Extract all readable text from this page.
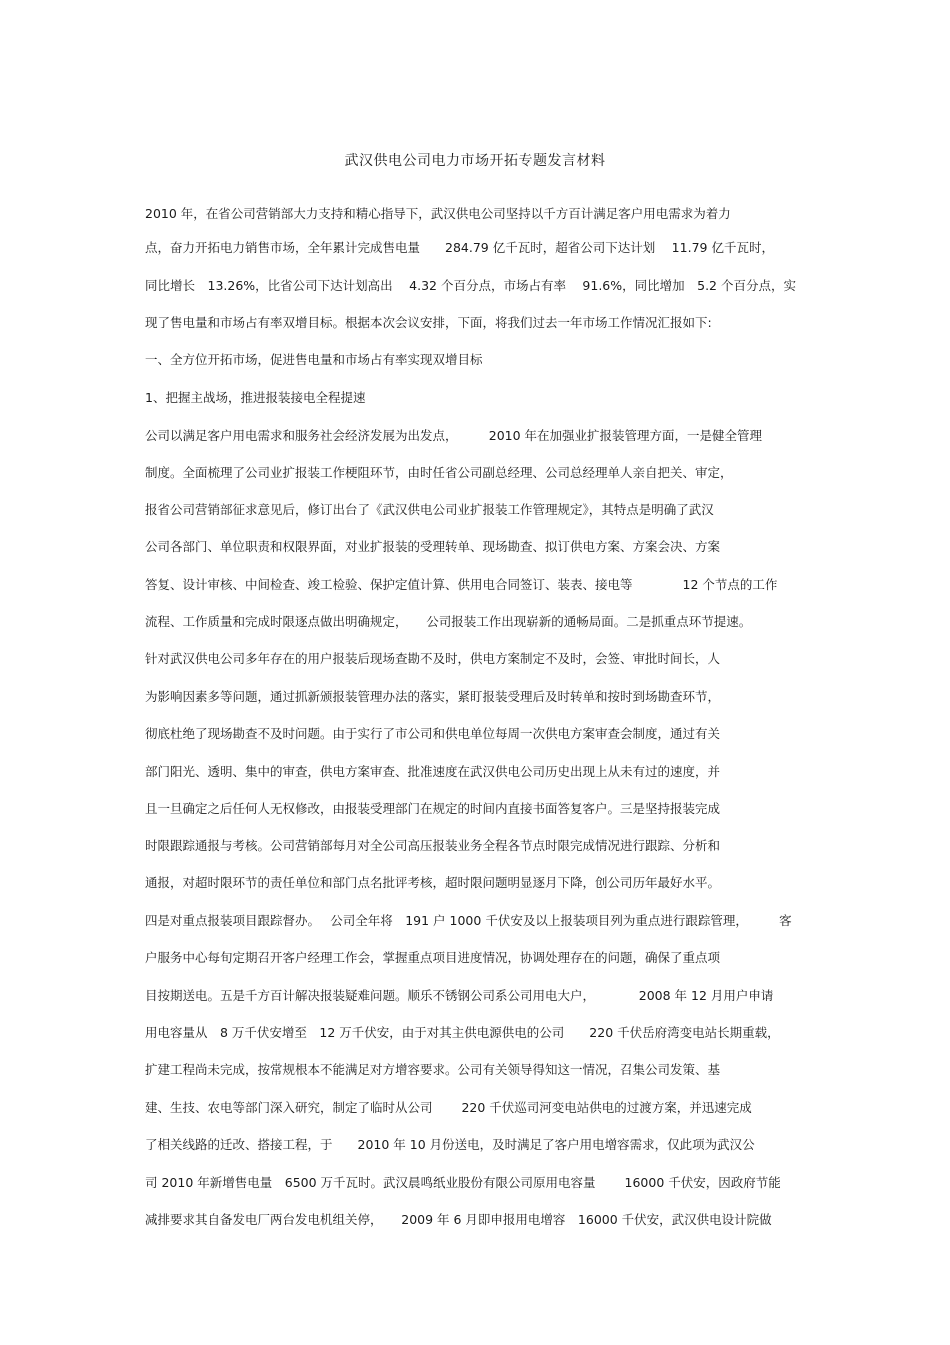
武汉供电公司电力市场开拓专题发言材料
2010 年，在省公司营销部大力支持和精心指导下，武汉供电公司坚持以千方百计满足客户用电需求为着力
点，奋力开拓电力销售市场，全年累计完成售电量　　284.79 亿千瓦时，超省公司下达计划　 11.79 亿千瓦时，
同比增长　13.26%，比省公司下达计划高出　 4.32 个百分点，市场占有率　 91.6%，同比增加　5.2 个百分点，实
现了售电量和市场占有率双增目标。根据本次会议安排，下面，将我们过去一年市场工作情况汇报如下:
一、全方位开拓市场，促进售电量和市场占有率实现双增目标
1、把握主战场，推进报装接电全程提速
公司以满足客户用电需求和服务社会经济发展为出发点，　　　2010 年在加强业扩报装管理方面，一是健全管理
制度。全面梳理了公司业扩报装工作梗阻环节，由时任省公司副总经理、公司总经理单人亲自把关、审定，
报省公司营销部征求意见后，修订出台了《武汉供电公司业扩报装工作管理规定》，其特点是明确了武汉
公司各部门、单位职责和权限界面，对业扩报装的受理转单、现场勘查、拟订供电方案、方案会决、方案
答复、设计审核、中间检查、竣工检验、保护定值计算、供用电合同签订、装表、接电等　　　　12 个节点的工作
流程、工作质量和完成时限逐点做出明确规定，　　公司报装工作出现崭新的通畅局面。二是抓重点环节提速。
针对武汉供电公司多年存在的用户报装后现场查勘不及时，供电方案制定不及时，会签、审批时间长，人
为影响因素多等问题，通过抓新颁报装管理办法的落实，紧盯报装受理后及时转单和按时到场勘查环节，
彻底杜绝了现场勘查不及时问题。由于实行了市公司和供电单位每周一次供电方案审查会制度，通过有关
部门阳光、透明、集中的审查，供电方案审查、批准速度在武汉供电公司历史出现上从未有过的速度，并
且一旦确定之后任何人无权修改，由报装受理部门在规定的时间内直接书面答复客户。三是坚持报装完成
时限跟踪通报与考核。公司营销部每月对全公司高压报装业务全程各节点时限完成情况进行跟踪、分析和
通报，对超时限环节的责任单位和部门点名批评考核，超时限问题明显逐月下降，创公司历年最好水平。
四是对重点报装项目跟踪督办。　 公司全年将　191 户 1000 千伏安及以上报装项目列为重点进行跟踪管理，　　　客
户服务中心每旬定期召开客户经理工作会，掌握重点项目进度情况，协调处理存在的问题，确保了重点项
目按期送电。五是千方百计解决报装疑难问题。顺乐不锈钢公司系公司用电大户，　　　　2008 年 12 月用户申请
用电容量从　8 万千伏安增至　12 万千伏安，由于对其主供电源供电的公司　　220 千伏岳府湾变电站长期重载，
扩建工程尚未完成，按常规根本不能满足对方增容要求。公司有关领导得知这一情况，召集公司发策、基
建、生技、农电等部门深入研究，制定了临时从公司　　 220 千伏巡司河变电站供电的过渡方案，并迅速完成
了相关线路的迁改、搭接工程，于　　2010 年 10 月份送电，及时满足了客户用电增容需求，仅此项为武汉公
司 2010 年新增售电量　6500 万千瓦时。武汉晨鸣纸业股份有限公司原用电容量　　 16000 千伏安，因政府节能
减排要求其自备发电厂两台发电机组关停，　　2009 年 6 月即申报用电增容　16000 千伏安，武汉供电设计院做
